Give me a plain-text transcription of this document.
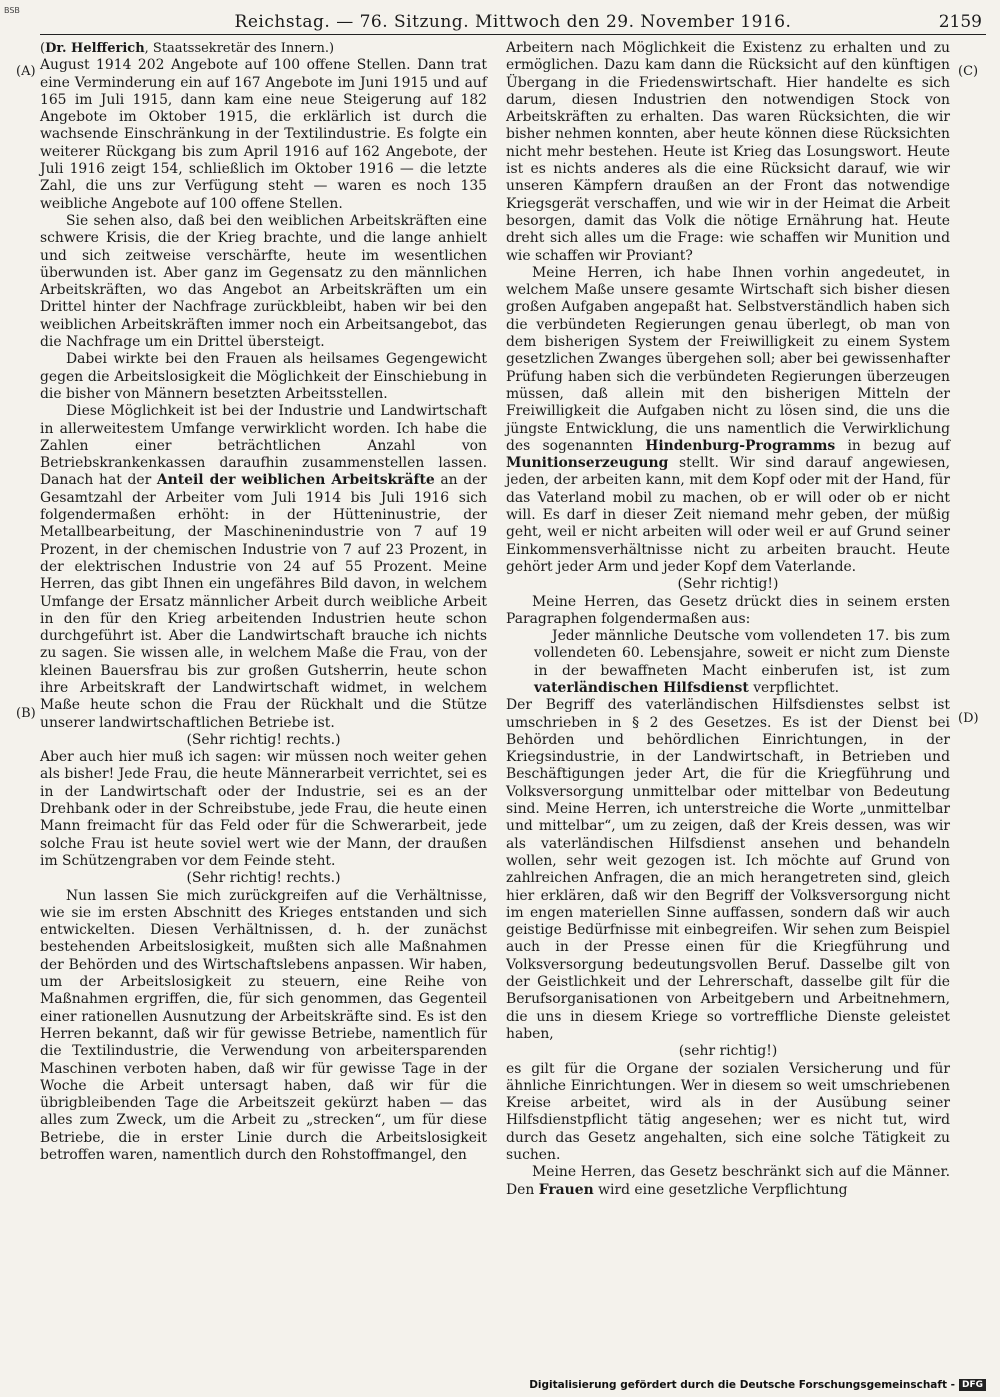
BSB
Reichstag. — 76. Sitzung. Mittwoch den 29. November 1916.	2159
(A)
(B)
(C)
(D)

(Dr. Helfferich, Staatssekretär des Innern.)

August 1914 202 Angebote auf 100 offene Stellen. Dann trat eine Verminderung ein auf 167 Angebote im Juni 1915 und auf 165 im Juli 1915, dann kam eine neue Steigerung auf 182 Angebote im Oktober 1915, die erklärlich ist durch die wachsende Einschränkung in der Textilindustrie. Es folgte ein weiterer Rückgang bis zum April 1916 auf 162 Angebote, der Juli 1916 zeigt 154, schließlich im Oktober 1916 — die letzte Zahl, die uns zur Verfügung steht — waren es noch 135 weibliche Angebote auf 100 offene Stellen.

Sie sehen also, daß bei den weiblichen Arbeitskräften eine schwere Krisis, die der Krieg brachte, und die lange anhielt und sich zeitweise verschärfte, heute im wesentlichen überwunden ist. Aber ganz im Gegensatz zu den männlichen Arbeitskräften, wo das Angebot an Arbeitskräften um ein Drittel hinter der Nachfrage zurückbleibt, haben wir bei den weiblichen Arbeitskräften immer noch ein Arbeitsangebot, das die Nachfrage um ein Drittel übersteigt.

Dabei wirkte bei den Frauen als heilsames Gegengewicht gegen die Arbeitslosigkeit die Möglichkeit der Einschiebung in die bisher von Männern besetzten Arbeitsstellen.

Diese Möglichkeit ist bei der Industrie und Landwirtschaft in allerweitestem Umfange verwirklicht worden. Ich habe die Zahlen einer beträchtlichen Anzahl von Betriebskrankenkassen daraufhin zusammenstellen lassen. Danach hat der Anteil der weiblichen Arbeitskräfte an der Gesamtzahl der Arbeiter vom Juli 1914 bis Juli 1916 sich folgendermaßen erhöht: in der Hütteninustrie, der Metallbearbeitung, der Maschinenindustrie von 7 auf 19 Prozent, in der chemischen Industrie von 7 auf 23 Prozent, in der elektrischen Industrie von 24 auf 55 Prozent. Meine Herren, das gibt Ihnen ein ungefähres Bild davon, in welchem Umfange der Ersatz männlicher Arbeit durch weibliche Arbeit in den für den Krieg arbeitenden Industrien heute schon durchgeführt ist. Aber die Landwirtschaft brauche ich nichts zu sagen. Sie wissen alle, in welchem Maße die Frau, von der kleinen Bauersfrau bis zur großen Gutsherrin, heute schon ihre Arbeitskraft der Landwirtschaft widmet, in welchem Maße heute schon die Frau der Rückhalt und die Stütze unserer landwirtschaftlichen Betriebe ist.

(Sehr richtig! rechts.)

Aber auch hier muß ich sagen: wir müssen noch weiter gehen als bisher! Jede Frau, die heute Männerarbeit verrichtet, sei es in der Landwirtschaft oder der Industrie, sei es an der Drehbank oder in der Schreibstube, jede Frau, die heute einen Mann freimacht für das Feld oder für die Schwerarbeit, jede solche Frau ist heute soviel wert wie der Mann, der draußen im Schützengraben vor dem Feinde steht.

(Sehr richtig! rechts.)

Nun lassen Sie mich zurückgreifen auf die Verhältnisse, wie sie im ersten Abschnitt des Krieges entstanden und sich entwickelten. Diesen Verhältnissen, d. h. der zunächst bestehenden Arbeitslosigkeit, mußten sich alle Maßnahmen der Behörden und des Wirtschaftslebens anpassen. Wir haben, um der Arbeitslosigkeit zu steuern, eine Reihe von Maßnahmen ergriffen, die, für sich genommen, das Gegenteil einer rationellen Ausnutzung der Arbeitskräfte sind. Es ist den Herren bekannt, daß wir für gewisse Betriebe, namentlich für die Textilindustrie, die Verwendung von arbeitersparenden Maschinen verboten haben, daß wir für gewisse Tage in der Woche die Arbeit untersagt haben, daß wir für die übrigbleibenden Tage die Arbeitszeit gekürzt haben — das alles zum Zweck, um die Arbeit zu „strecken“, um für diese Betriebe, die in erster Linie durch die Arbeitslosigkeit betroffen waren, namentlich durch den Rohstoffmangel, den

Arbeitern nach Möglichkeit die Existenz zu erhalten und zu ermöglichen. Dazu kam dann die Rücksicht auf den künftigen Übergang in die Friedenswirtschaft. Hier handelte es sich darum, diesen Industrien den notwendigen Stock von Arbeitskräften zu erhalten. Das waren Rücksichten, die wir bisher nehmen konnten, aber heute können diese Rücksichten nicht mehr bestehen. Heute ist Krieg das Losungswort. Heute ist es nichts anderes als die eine Rücksicht darauf, wie wir unseren Kämpfern draußen an der Front das notwendige Kriegsgerät verschaffen, und wie wir in der Heimat die Arbeit besorgen, damit das Volk die nötige Ernährung hat. Heute dreht sich alles um die Frage: wie schaffen wir Munition und wie schaffen wir Proviant?

Meine Herren, ich habe Ihnen vorhin angedeutet, in welchem Maße unsere gesamte Wirtschaft sich bisher diesen großen Aufgaben angepaßt hat. Selbstverständlich haben sich die verbündeten Regierungen genau überlegt, ob man von dem bisherigen System der Freiwilligkeit zu einem System gesetzlichen Zwanges übergehen soll; aber bei gewissenhafter Prüfung haben sich die verbündeten Regierungen überzeugen müssen, daß allein mit den bisherigen Mitteln der Freiwilligkeit die Aufgaben nicht zu lösen sind, die uns die jüngste Entwicklung, die uns namentlich die Verwirklichung des sogenannten Hindenburg-Programms in bezug auf Munitionserzeugung stellt. Wir sind darauf angewiesen, jeden, der arbeiten kann, mit dem Kopf oder mit der Hand, für das Vaterland mobil zu machen, ob er will oder ob er nicht will. Es darf in dieser Zeit niemand mehr geben, der müßig geht, weil er nicht arbeiten will oder weil er auf Grund seiner Einkommensverhältnisse nicht zu arbeiten braucht. Heute gehört jeder Arm und jeder Kopf dem Vaterlande.

(Sehr richtig!)

Meine Herren, das Gesetz drückt dies in seinem ersten Paragraphen folgendermaßen aus:

Jeder männliche Deutsche vom vollendeten 17. bis zum vollendeten 60. Lebensjahre, soweit er nicht zum Dienste in der bewaffneten Macht einberufen ist, ist zum vaterländischen Hilfsdienst verpflichtet.

Der Begriff des vaterländischen Hilfsdienstes selbst ist umschrieben in § 2 des Gesetzes. Es ist der Dienst bei Behörden und behördlichen Einrichtungen, in der Kriegsindustrie, in der Landwirtschaft, in Betrieben und Beschäftigungen jeder Art, die für die Kriegführung und Volksversorgung unmittelbar oder mittelbar von Bedeutung sind. Meine Herren, ich unterstreiche die Worte „unmittelbar und mittelbar“, um zu zeigen, daß der Kreis dessen, was wir als vaterländischen Hilfsdienst ansehen und behandeln wollen, sehr weit gezogen ist. Ich möchte auf Grund von zahlreichen Anfragen, die an mich herangetreten sind, gleich hier erklären, daß wir den Begriff der Volksversorgung nicht im engen materiellen Sinne auffassen, sondern daß wir auch geistige Bedürfnisse mit einbegreifen. Wir sehen zum Beispiel auch in der Presse einen für die Kriegführung und Volksversorgung bedeutungsvollen Beruf. Dasselbe gilt von der Geistlichkeit und der Lehrerschaft, dasselbe gilt für die Berufsorganisationen von Arbeitgebern und Arbeitnehmern, die uns in diesem Kriege so vortreffliche Dienste geleistet haben,

(sehr richtig!)

es gilt für die Organe der sozialen Versicherung und für ähnliche Einrichtungen. Wer in diesem so weit umschriebenen Kreise arbeitet, wird als in der Ausübung seiner Hilfsdienstpflicht tätig angesehen; wer es nicht tut, wird durch das Gesetz angehalten, sich eine solche Tätigkeit zu suchen.

Meine Herren, das Gesetz beschränkt sich auf die Männer. Den Frauen wird eine gesetzliche Verpflichtung

Digitalisierung gefördert durch die Deutsche Forschungsgemeinschaft - DFG
